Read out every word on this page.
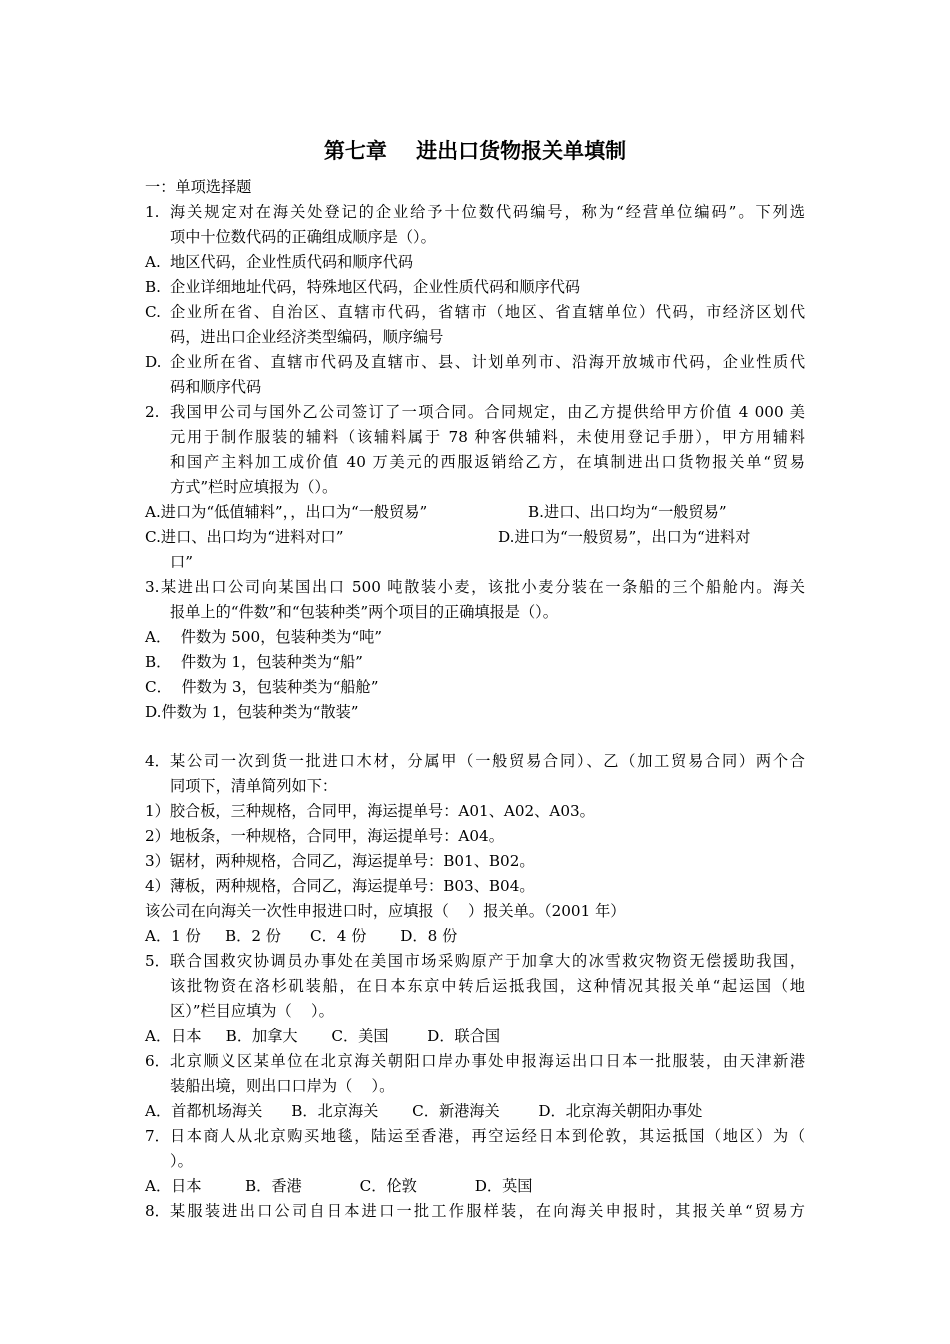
第七章    进出口货物报关单填制
一：单项选择题
1. 海关规定对在海关处登记的企业给予十位数代码编号，称为“经营单位编码”。下列选
项中十位数代码的正确组成顺序是（）。
A. 地区代码，企业性质代码和顺序代码
B. 企业详细地址代码，特殊地区代码，企业性质代码和顺序代码
C. 企业所在省、自治区、直辖市代码，省辖市（地区、省直辖单位）代码，市经济区划代
码，进出口企业经济类型编码，顺序编号
D. 企业所在省、直辖市代码及直辖市、县、计划单列市、沿海开放城市代码，企业性质代
码和顺序代码
2. 我国甲公司与国外乙公司签订了一项合同。合同规定，由乙方提供给甲方价值 4 000 美
元用于制作服装的辅料（该辅料属于 78 种客供辅料，未使用登记手册），甲方用辅料
和国产主料加工成价值 40 万美元的西服返销给乙方，在填制进出口货物报关单“贸易
方式”栏时应填报为（）。
A.进口为“低值辅料”，，出口为“一般贸易”	B.进口、出口均为“一般贸易”
C.进口、出口均为“进料对口”	D.进口为“一般贸易”，出口为“进料对
口”
3. 某进出口公司向某国出口 500 吨散装小麦，该批小麦分装在一条船的三个船舱内。海关
报单上的“件数”和“包装种类”两个项目的正确填报是（）。
A．  件数为 500，包装种类为“吨”
B．  件数为 1，包装种类为“船”
C．  件数为 3，包装种类为“船舱”
D.件数为 1，包装种类为“散装”
4． 某公司一次到货一批进口木材，分属甲（一般贸易合同）、乙（加工贸易合同）两个合
同项下，清单简列如下：
1）胶合板，三种规格，合同甲，海运提单号：A01、A02、A03。
2）地板条，一种规格，合同甲，海运提单号：A04。
3）锯材，两种规格，合同乙，海运提单号：B01、B02。
4）薄板，两种规格，合同乙，海运提单号：B03、B04。
该公司在向海关一次性申报进口时，应填报（    ）报关单。（2001 年）
A．1 份     B．2 份      C．4 份       D．8 份
5． 联合国救灾协调员办事处在美国市场采购原产于加拿大的冰雪救灾物资无偿援助我国，
该批物资在洛杉矶装船，在日本东京中转后运抵我国，这种情况其报关单“起运国（地
区）”栏目应填为（    ）。
A．日本     B．加拿大       C．美国        D．联合国
6． 北京顺义区某单位在北京海关朝阳口岸办事处申报海运出口日本一批服装，由天津新港
装船出境，则出口口岸为（    ）。
A．首都机场海关      B．北京海关       C．新港海关        D．北京海关朝阳办事处
7． 日本商人从北京购买地毯，陆运至香港，再空运经日本到伦敦，其运抵国（地区）为（
）。
A．日本         B．香港            C．伦敦            D．英国
8． 某服装进出口公司自日本进口一批工作服样装，在向海关申报时，其报关单“贸易方
